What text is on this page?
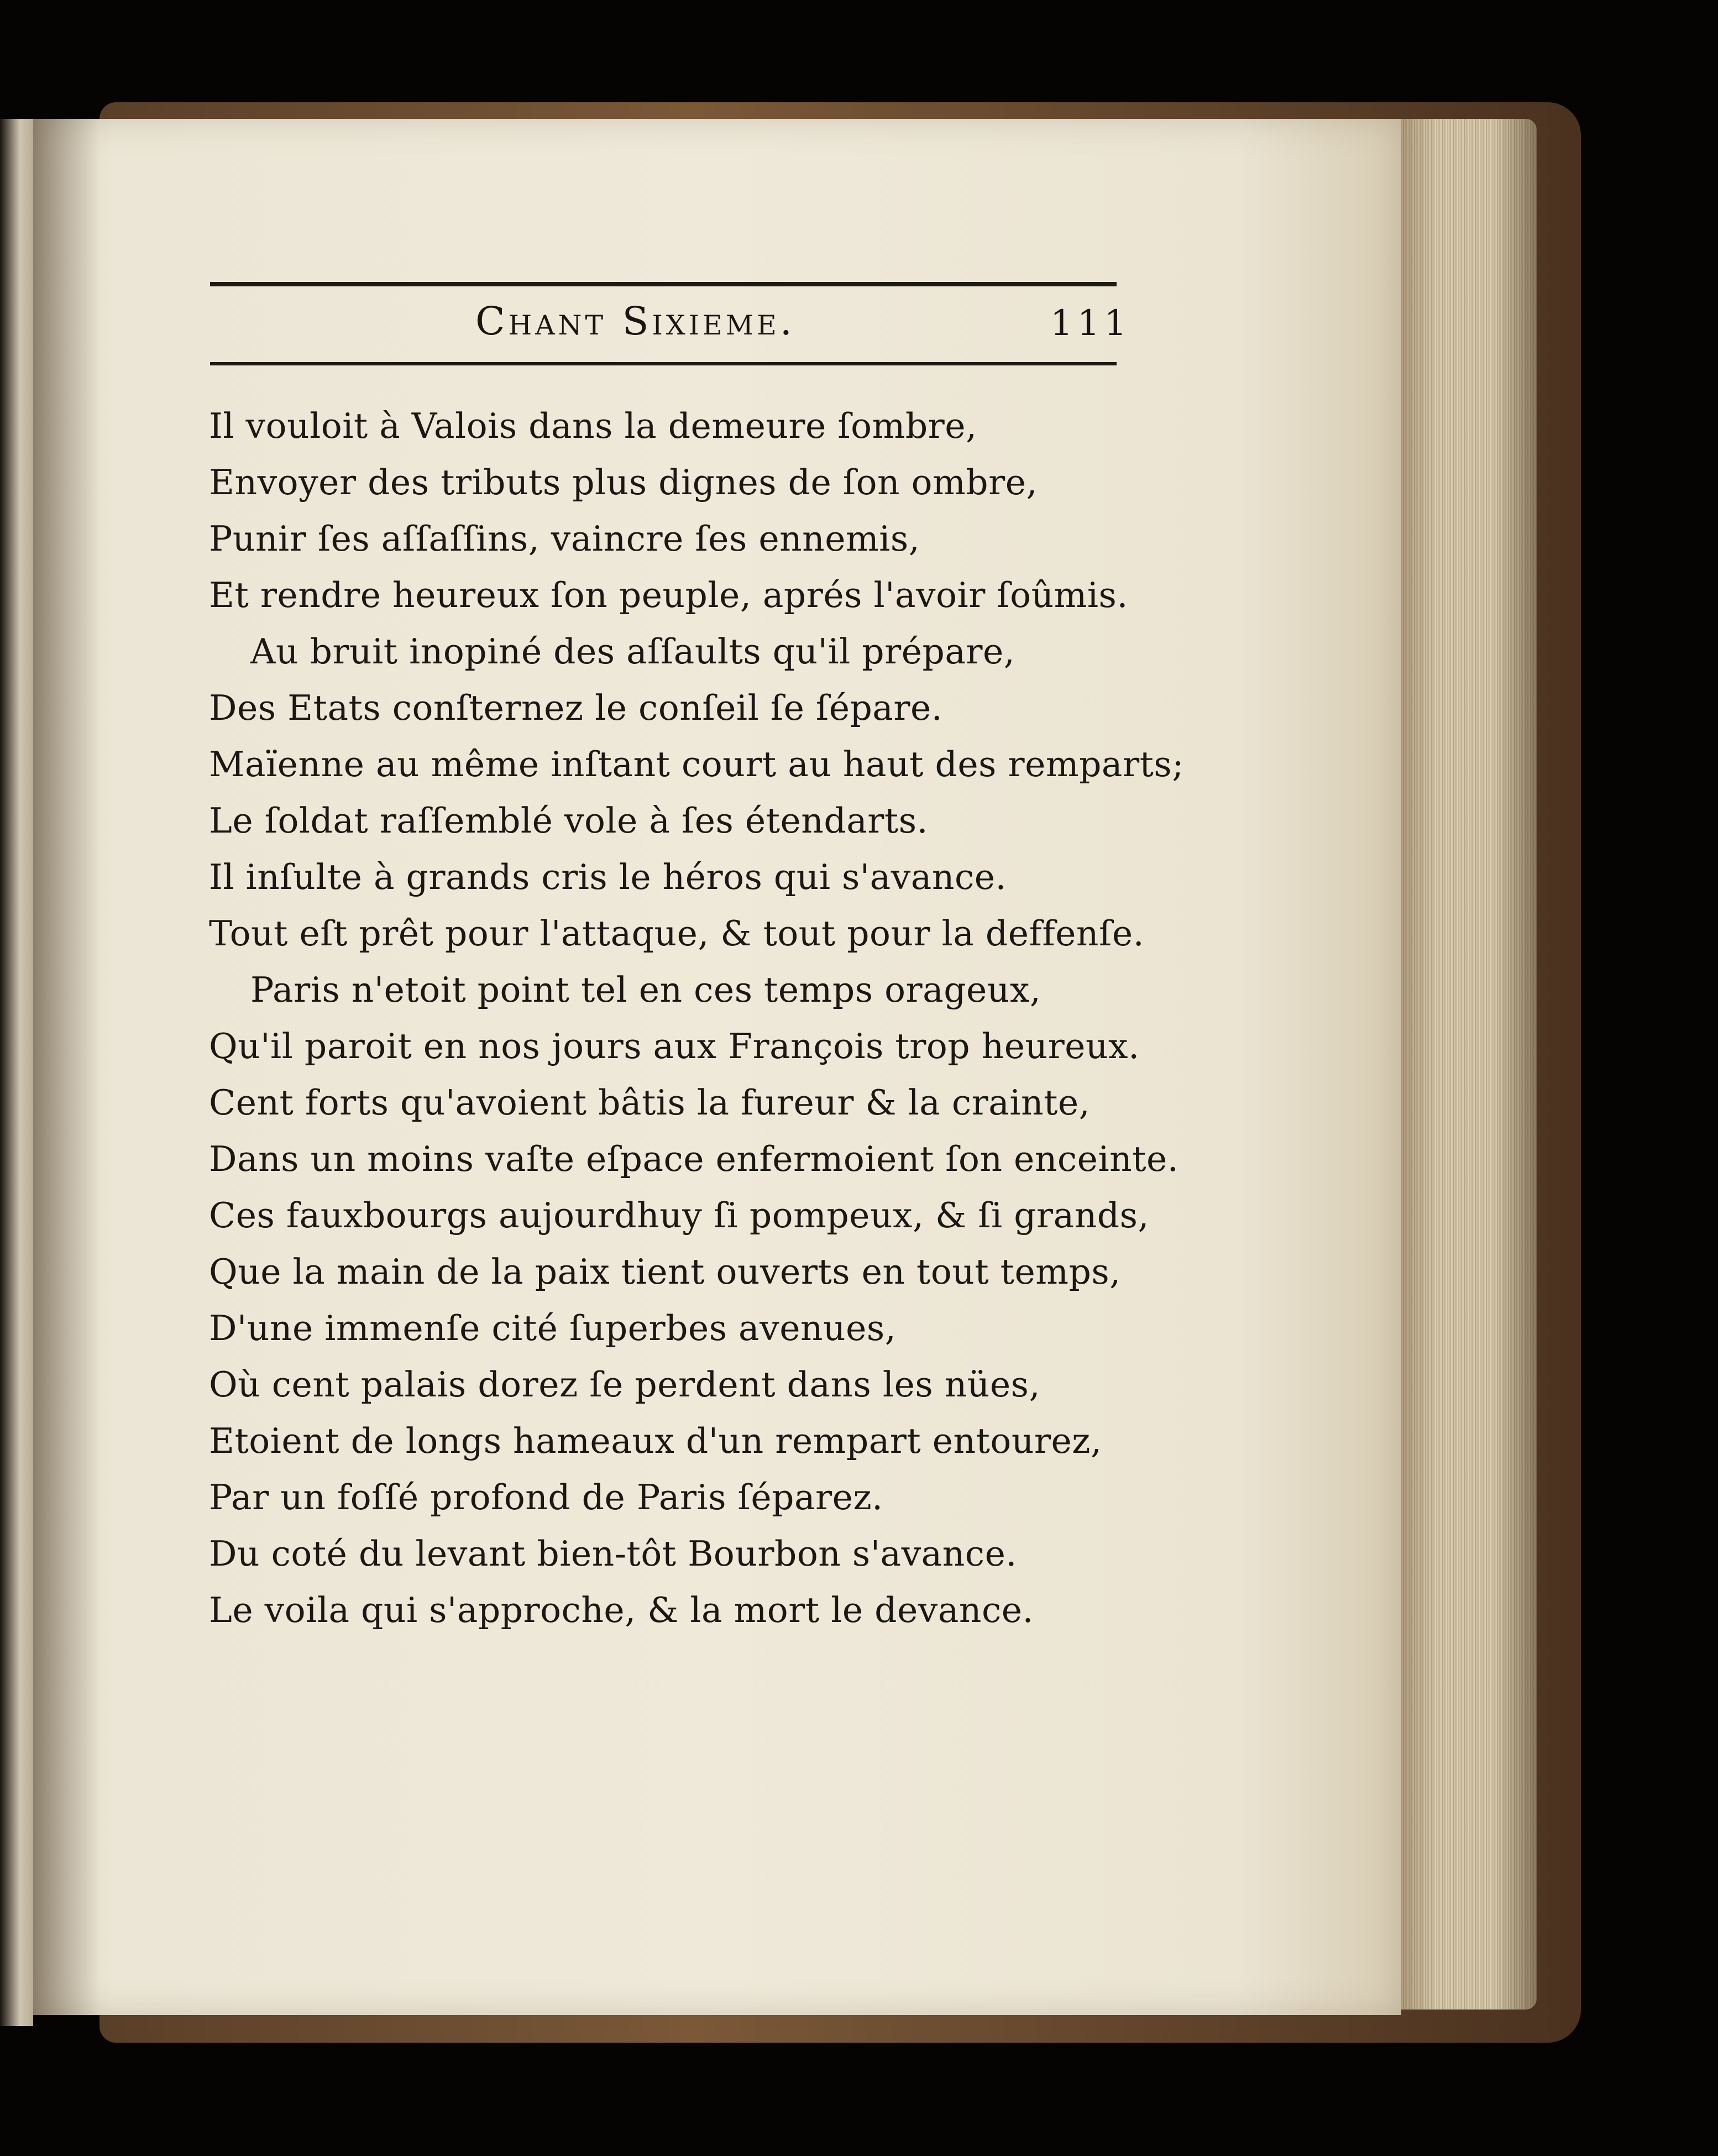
Chant Sixieme.	111
Il vouloit à Valois dans la demeure ſombre,
Envoyer des tributs plus dignes de ſon ombre,
Punir ſes aſſaſſins, vaincre ſes ennemis,
Et rendre heureux ſon peuple, aprés l'avoir ſoûmis.
Au bruit inopiné des aſſaults qu'il prépare,
Des Etats conſternez le conſeil ſe ſépare.
Maïenne au même inſtant court au haut des remparts;
Le ſoldat raſſemblé vole à ſes étendarts.
Il inſulte à grands cris le héros qui s'avance.
Tout eſt prêt pour l'attaque, & tout pour la deffenſe.
Paris n'etoit point tel en ces temps orageux,
Qu'il paroit en nos jours aux François trop heureux.
Cent forts qu'avoient bâtis la fureur & la crainte,
Dans un moins vaſte eſpace enfermoient ſon enceinte.
Ces fauxbourgs aujourdhuy ſi pompeux, & ſi grands,
Que la main de la paix tient ouverts en tout temps,
D'une immenſe cité ſuperbes avenues,
Où cent palais dorez ſe perdent dans les nües,
Etoient de longs hameaux d'un rempart entourez,
Par un foſſé profond de Paris ſéparez.
Du coté du levant bien-tôt Bourbon s'avance.
Le voila qui s'approche, & la mort le devance.
